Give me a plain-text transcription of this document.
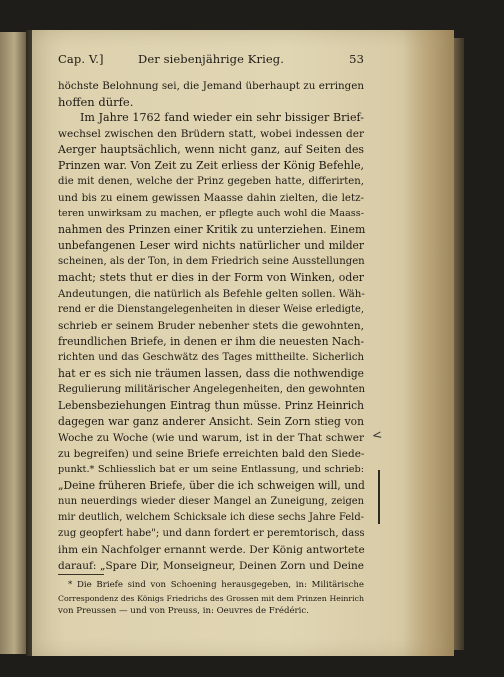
Cap. V.]	Der siebenjährige Krieg.	53
höchste Belohnung sei, die Jemand überhaupt zu erringen
hoffen dürfe.
Im Jahre 1762 fand wieder ein sehr bissiger Brief-
wechsel zwischen den Brüdern statt, wobei indessen der
Aerger hauptsächlich, wenn nicht ganz, auf Seiten des
Prinzen war. Von Zeit zu Zeit erliess der König Befehle,
die mit denen, welche der Prinz gegeben hatte, differirten,
und bis zu einem gewissen Maasse dahin zielten, die letz-
teren unwirksam zu machen, er pflegte auch wohl die Maass-
nahmen des Prinzen einer Kritik zu unterziehen. Einem
unbefangenen Leser wird nichts natürlicher und milder
scheinen, als der Ton, in dem Friedrich seine Ausstellungen
macht; stets thut er dies in der Form von Winken, oder
Andeutungen, die natürlich als Befehle gelten sollen. Wäh-
rend er die Dienstangelegenheiten in dieser Weise erledigte,
schrieb er seinem Bruder nebenher stets die gewohnten,
freundlichen Briefe, in denen er ihm die neuesten Nach-
richten und das Geschwätz des Tages mittheilte. Sicherlich
hat er es sich nie träumen lassen, dass die nothwendige
Regulierung militärischer Angelegenheiten, den gewohnten
Lebensbeziehungen Eintrag thun müsse. Prinz Heinrich
dagegen war ganz anderer Ansicht. Sein Zorn stieg von
Woche zu Woche (wie und warum, ist in der That schwer
zu begreifen) und seine Briefe erreichten bald den Siede-
punkt.* Schliesslich bat er um seine Entlassung, und schrieb:
„Deine früheren Briefe, über die ich schweigen will, und
nun neuerdings wieder dieser Mangel an Zuneigung, zeigen
mir deutlich, welchem Schicksale ich diese sechs Jahre Feld-
zug geopfert habe"; und dann fordert er peremtorisch, dass
ihm ein Nachfolger ernannt werde. Der König antwortete
darauf: „Spare Dir, Monseigneur, Deinen Zorn und Deine
* Die Briefe sind von Schoening herausgegeben, in: Militärische
Correspondenz des Königs Friedrichs des Grossen mit dem Prinzen Heinrich
von Preussen — und von Preuss, in: Oeuvres de Frédéric.
<
